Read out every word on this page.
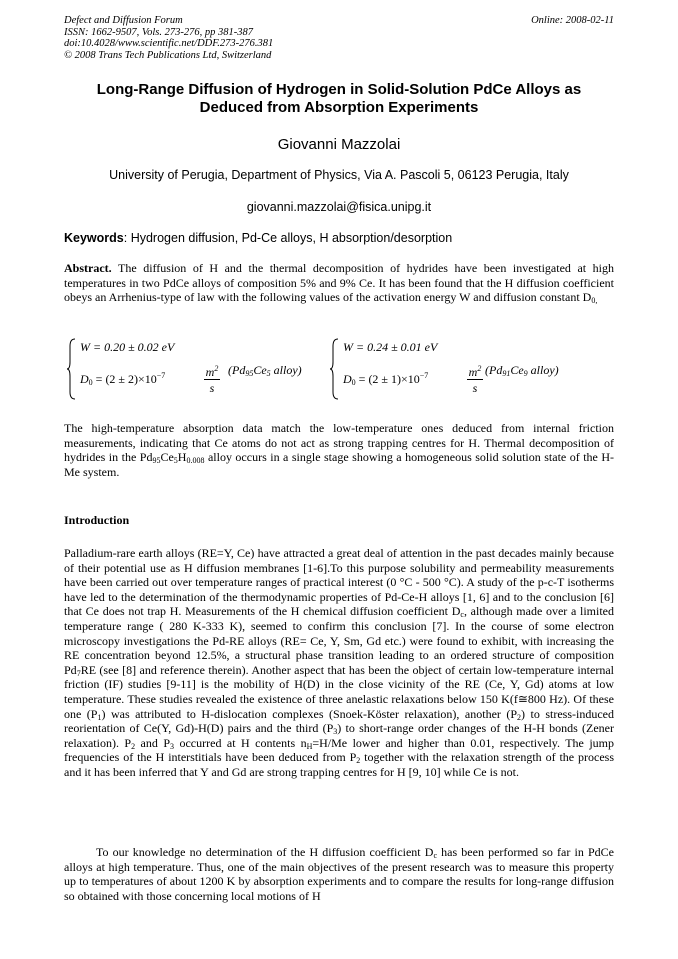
Defect and Diffusion Forum
ISSN: 1662-9507, Vols. 273-276, pp 381-387
doi:10.4028/www.scientific.net/DDF.273-276.381
© 2008 Trans Tech Publications Ltd, Switzerland
Online: 2008-02-11
Long-Range Diffusion of Hydrogen in Solid-Solution PdCe Alloys as
Deduced from Absorption Experiments
Giovanni Mazzolai
University of Perugia, Department of Physics, Via A. Pascoli 5, 06123 Perugia, Italy
giovanni.mazzolai@fisica.unipg.it
Keywords: Hydrogen diffusion, Pd-Ce alloys, H absorption/desorption
Abstract. The diffusion of H and the thermal decomposition of hydrides have been investigated at high temperatures in two PdCe alloys of composition 5% and 9% Ce. It has been found that the H diffusion coefficient obeys an Arrhenius-type of law with the following values of the activation energy W and diffusion constant $D_{0,}$
W = 0.20 ± 0.02 eV
$D_0 = (2 \pm 2)\times 10^{-7}$	$\frac{m^2}{s} (Pd_{95}Ce_5$ alloy)
W = 0.24 ± 0.01 eV
$D_0 = (2 \pm 1)\times 10^{-7}$	$\frac{m^2}{s} (Pd_{91}Ce_9$ alloy)
The high-temperature absorption data match the low-temperature ones deduced from internal friction measurements, indicating that Ce atoms do not act as strong trapping centres for H. Thermal decomposition of hydrides in the $Pd_{95}Ce_5H_{0.008}$ alloy occurs in a single stage showing a homogeneous solid solution state of the H-Me system.
Introduction
Palladium-rare earth alloys (RE=Y, Ce) have attracted a great deal of attention in the past decades mainly because of their potential use as H diffusion membranes [1-6].To this purpose solubility and permeability measurements have been carried out over temperature ranges of practical interest (0 °C - 500 °C). A study of the p-c-T isotherms have led to the determination of the thermodynamic properties of Pd-Ce-H alloys [1, 6] and to the conclusion [6] that Ce does not trap H. Measurements of the H chemical diffusion coefficient $D_c$, although made over a limited temperature range ( 280 K-333 K), seemed to confirm this conclusion [7]. In the course of some electron microscopy investigations the Pd-RE alloys (RE= Ce, Y, Sm, Gd etc.) were found to exhibit, with increasing the RE concentration beyond 12.5%, a structural phase transition leading to an ordered structure of composition $Pd_7RE$ (see [8] and reference therein). Another aspect that has been the object of certain low-temperature internal friction (IF) studies [9-11] is the mobility of H(D) in the close vicinity of the RE (Ce, Y, Gd) atoms at low temperature. These studies revealed the existence of three anelastic relaxations below 150 K(f≅800 Hz). Of these one $(P_1)$ was attributed to H-dislocation complexes (Snoek-Köster relaxation), another $(P_2)$ to stress-induced reorientation of Ce(Y, Gd)-H(D) pairs and the third $(P_3)$ to short-range order changes of the H-H bonds (Zener relaxation). $P_2$ and $P_3$ occurred at H contents $n_H=H/Me$ lower and higher than 0.01, respectively. The jump frequencies of the H interstitials have been deduced from $P_2$ together with the relaxation strength of the process and it has been inferred that Y and Gd are strong trapping centres for H [9, 10] while Ce is not.
To our knowledge no determination of the H diffusion coefficient $D_c$ has been performed so far in PdCe alloys at high temperature. Thus, one of the main objectives of the present research was to measure this property up to temperatures of about 1200 K by absorption experiments and to compare the results for long-range diffusion so obtained with those concerning local motions of H
